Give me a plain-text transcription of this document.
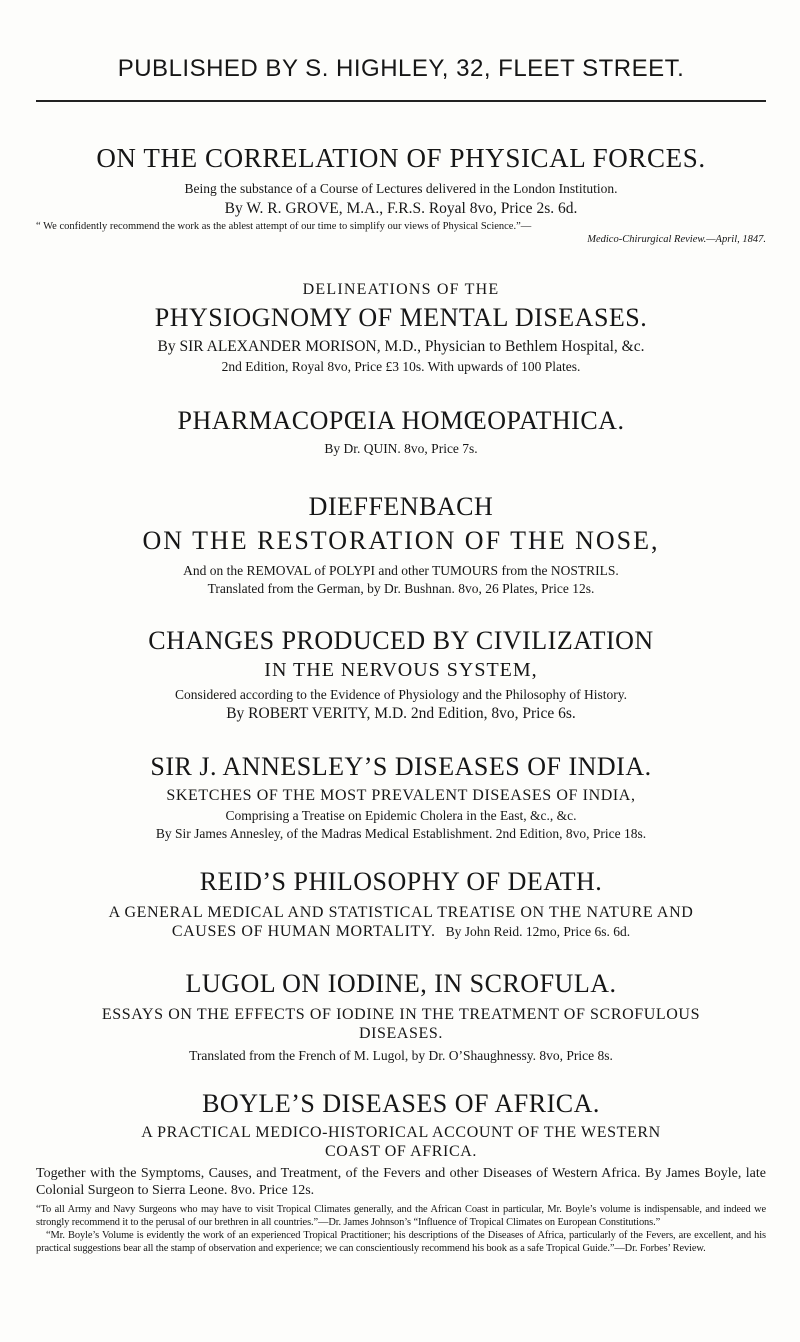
PUBLISHED BY S. HIGHLEY, 32, FLEET STREET.
ON THE CORRELATION OF PHYSICAL FORCES.
Being the substance of a Course of Lectures delivered in the London Institution.
By W. R. GROVE, M.A., F.R.S. Royal 8vo, Price 2s. 6d.
“ We confidently recommend the work as the ablest attempt of our time to simplify our views of Physical Science.”—
Medico-Chirurgical Review.—April, 1847.
DELINEATIONS OF THE
PHYSIOGNOMY OF MENTAL DISEASES.
By SIR ALEXANDER MORISON, M.D., Physician to Bethlem Hospital, &c.
2nd Edition, Royal 8vo, Price £3 10s. With upwards of 100 Plates.
PHARMACOPŒIA HOMŒOPATHICA.
By Dr. QUIN. 8vo, Price 7s.
DIEFFENBACH
ON THE RESTORATION OF THE NOSE,
And on the REMOVAL of POLYPI and other TUMOURS from the NOSTRILS.
Translated from the German, by Dr. Bushnan. 8vo, 26 Plates, Price 12s.
CHANGES PRODUCED BY CIVILIZATION
IN THE NERVOUS SYSTEM,
Considered according to the Evidence of Physiology and the Philosophy of History.
By ROBERT VERITY, M.D. 2nd Edition, 8vo, Price 6s.
SIR J. ANNESLEY’S DISEASES OF INDIA.
SKETCHES OF THE MOST PREVALENT DISEASES OF INDIA,
Comprising a Treatise on Epidemic Cholera in the East, &c., &c.
By Sir James Annesley, of the Madras Medical Establishment. 2nd Edition, 8vo, Price 18s.
REID’S PHILOSOPHY OF DEATH.
A GENERAL MEDICAL AND STATISTICAL TREATISE ON THE NATURE AND
CAUSES OF HUMAN MORTALITY. By John Reid. 12mo, Price 6s. 6d.
LUGOL ON IODINE, IN SCROFULA.
ESSAYS ON THE EFFECTS OF IODINE IN THE TREATMENT OF SCROFULOUS
DISEASES.
Translated from the French of M. Lugol, by Dr. O’Shaughnessy. 8vo, Price 8s.
BOYLE’S DISEASES OF AFRICA.
A PRACTICAL MEDICO-HISTORICAL ACCOUNT OF THE WESTERN
COAST OF AFRICA.
Together with the Symptoms, Causes, and Treatment, of the Fevers and other Diseases of Western Africa. By James Boyle, late Colonial Surgeon to Sierra Leone. 8vo. Price 12s.
“To all Army and Navy Surgeons who may have to visit Tropical Climates generally, and the African Coast in particular, Mr. Boyle’s volume is indispensable, and indeed we strongly recommend it to the perusal of our brethren in all countries.”—Dr. James Johnson’s “Influence of Tropical Climates on European Constitutions.”
“Mr. Boyle’s Volume is evidently the work of an experienced Tropical Practitioner; his descriptions of the Diseases of Africa, particularly of the Fevers, are excellent, and his practical suggestions bear all the stamp of observation and experience; we can conscientiously recommend his book as a safe Tropical Guide.”—Dr. Forbes’ Review.
